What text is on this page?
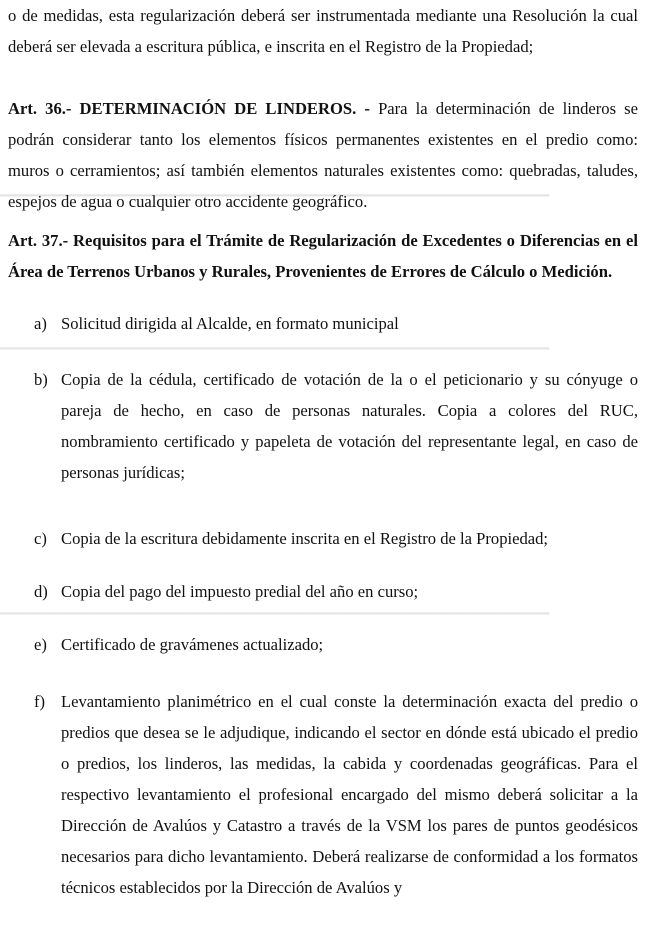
▁▁▁▁▁▁▁▁▁▁▁▁▁▁▁▁▁▁▁▁▁▁▁▁▁▁▁▁▁▁▁▁▁▁▁▁▁▁▁▁▁▁▁▁▁▁▁▁▁▁▁
▁▁▁▁▁▁▁▁▁▁▁▁▁▁▁▁▁▁▁▁▁▁▁▁▁▁▁▁▁▁▁▁▁▁▁▁▁▁▁▁▁▁▁▁▁▁▁▁▁▁▁
▁▁▁▁▁▁▁▁▁▁▁▁▁▁▁▁▁▁▁▁▁▁▁▁▁▁▁▁▁▁▁▁▁▁▁▁▁▁▁▁▁▁▁▁▁▁▁▁▁▁▁

o de medidas, esta regularización deberá ser instrumentada mediante una Resolución la cual deberá ser elevada a escritura pública, e inscrita en el Registro de la Propiedad;

Art. 36.- DETERMINACIÓN DE LINDEROS. - Para la determinación de linderos se podrán considerar tanto los elementos físicos permanentes existentes en el predio como: muros o cerramientos; así también elementos naturales existentes como: quebradas, taludes, espejos de agua o cualquier otro accidente geográfico.

Art. 37.- Requisitos para el Trámite de Regularización de Excedentes o Diferencias en el Área de Terrenos Urbanos y Rurales, Provenientes de Errores de Cálculo o Medición.

a) Solicitud dirigida al Alcalde, en formato municipal
b) Copia de la cédula, certificado de votación de la o el peticionario y su cónyuge o pareja de hecho, en caso de personas naturales. Copia a colores del RUC, nombramiento certificado y papeleta de votación del representante legal, en caso de personas jurídicas;
c) Copia de la escritura debidamente inscrita en el Registro de la Propiedad;
d) Copia del pago del impuesto predial del año en curso;
e) Certificado de gravámenes actualizado;
f) Levantamiento planimétrico en el cual conste la determinación exacta del predio o predios que desea se le adjudique, indicando el sector en dónde está ubicado el predio o predios, los linderos, las medidas, la cabida y coordenadas geográficas. Para el respectivo levantamiento el profesional encargado del mismo deberá solicitar a la Dirección de Avalúos y Catastro a través de la VSM los pares de puntos geodésicos necesarios para dicho levantamiento. Deberá realizarse de conformidad a los formatos técnicos establecidos por la Dirección de Avalúos y
